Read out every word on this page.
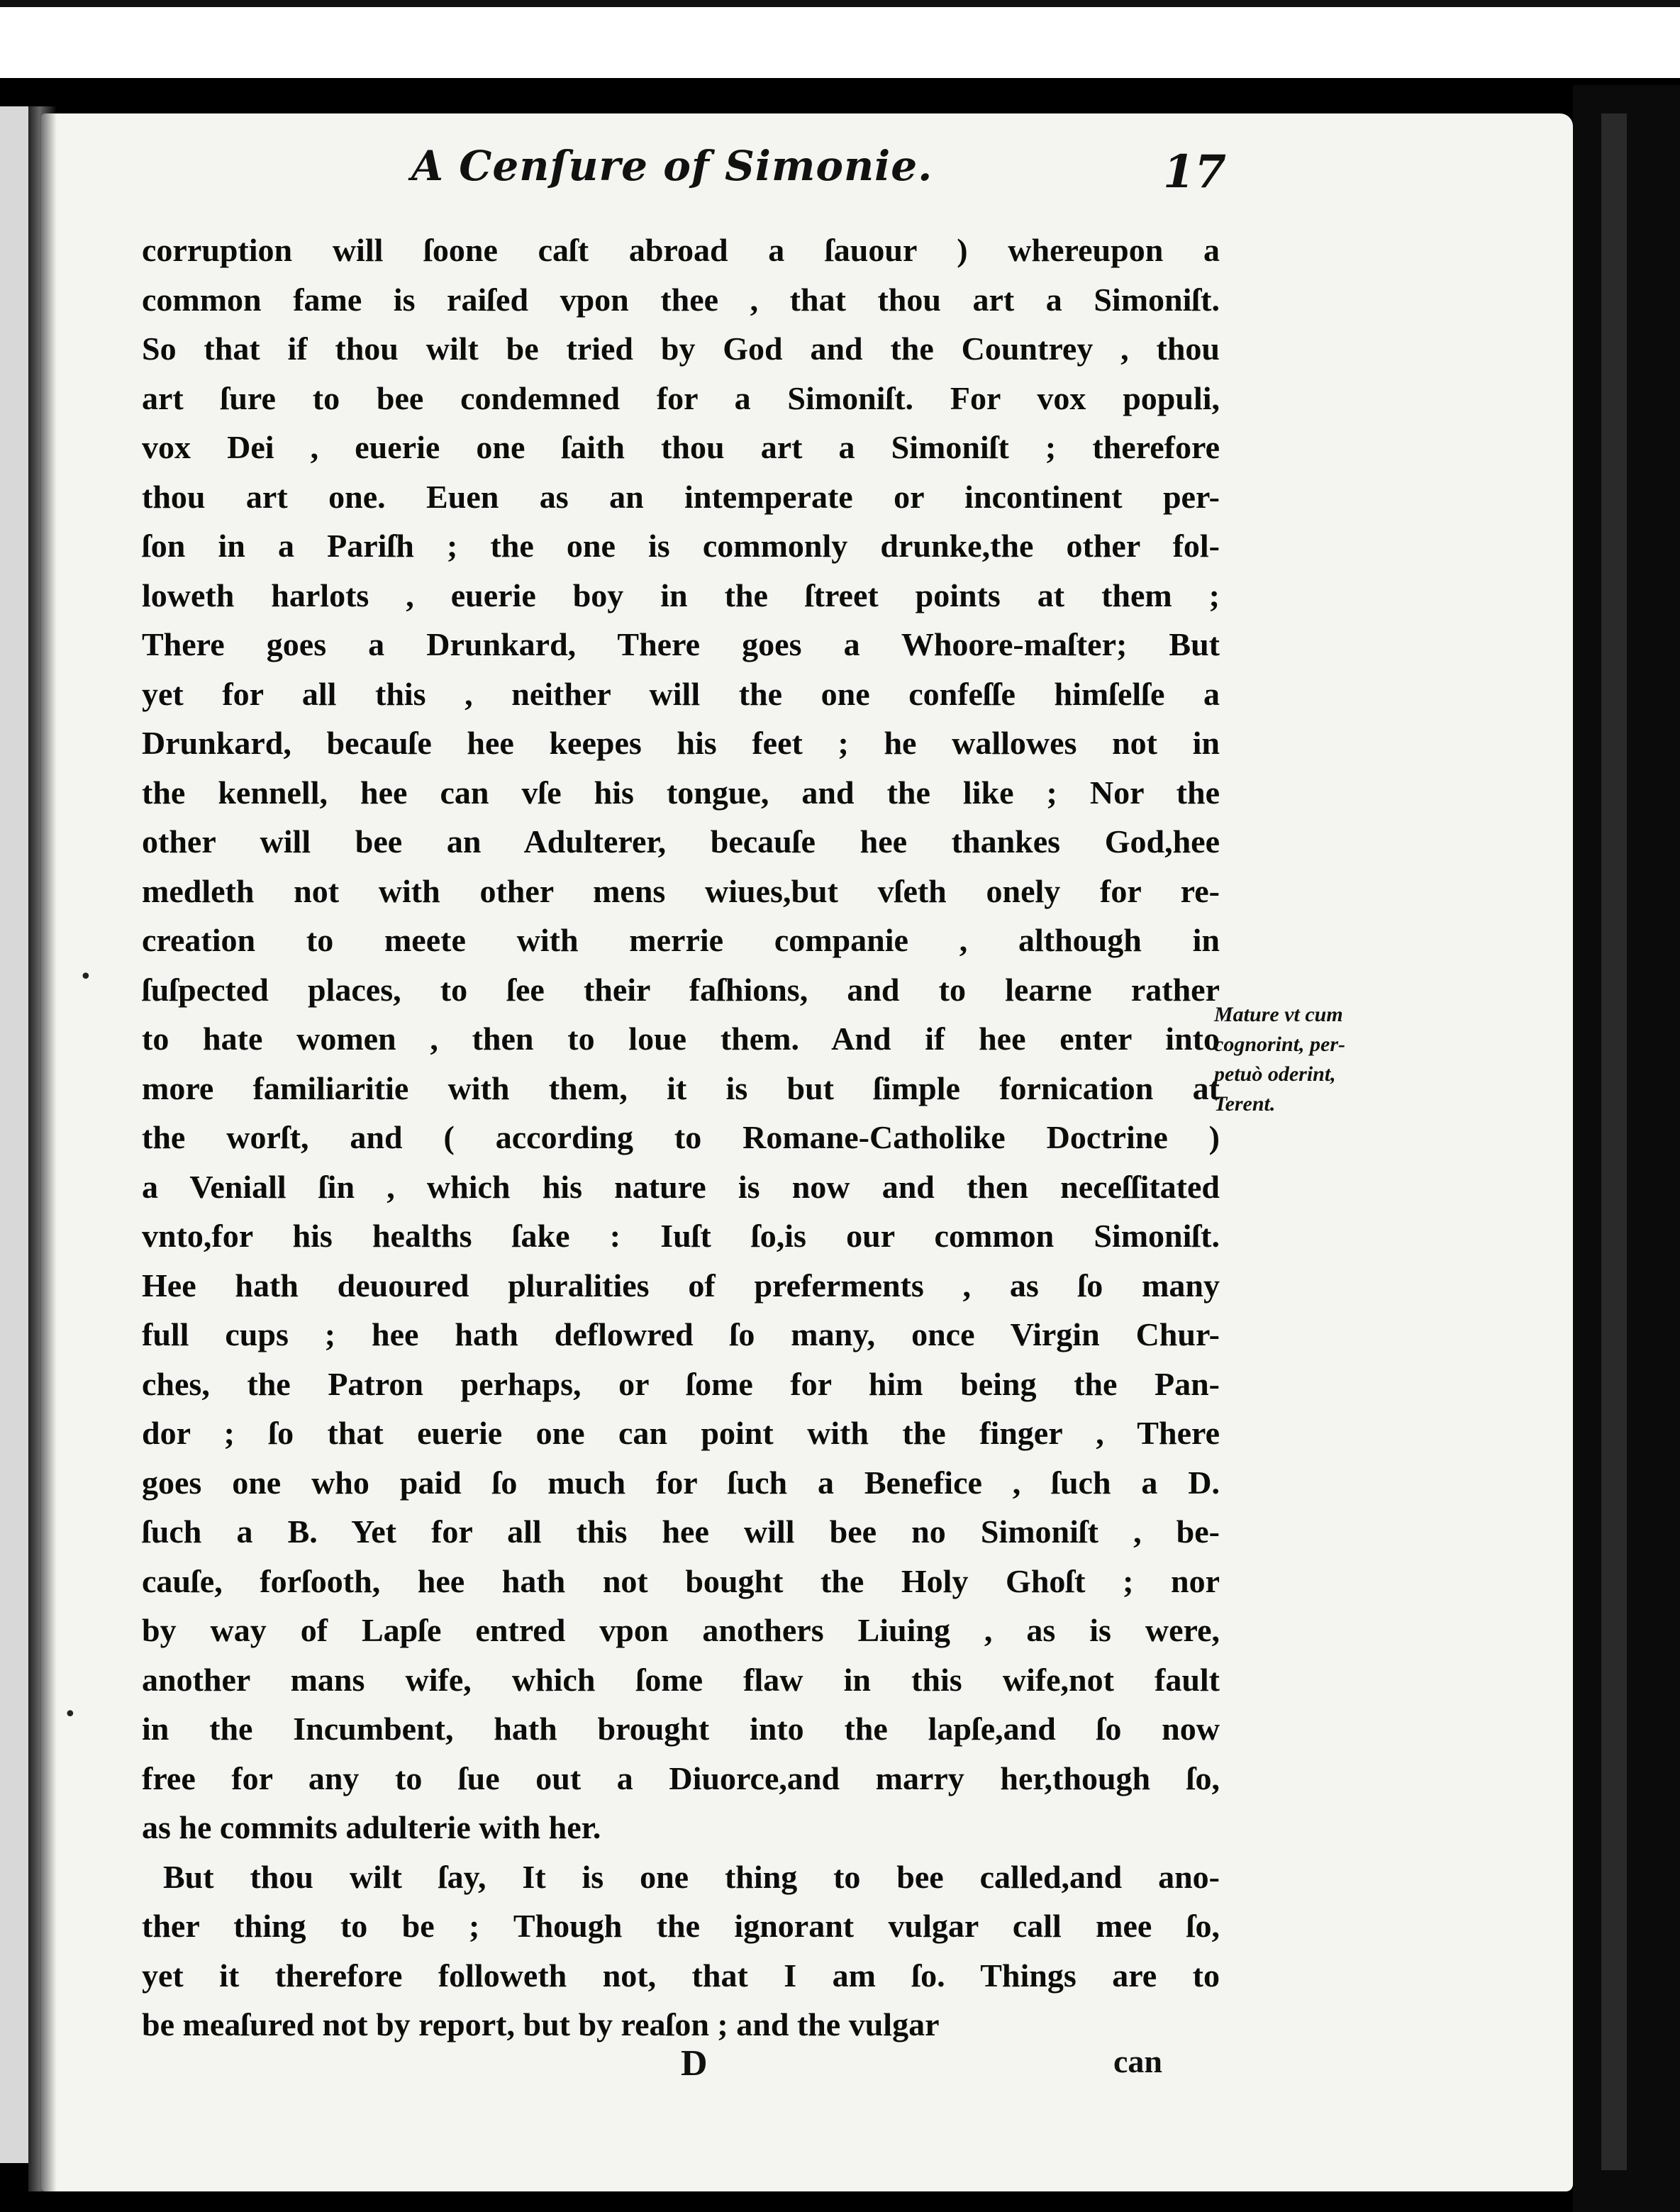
A Cenſure of Simonie.	17
corruption will ſoone caſt abroad a ſauour ) whereupon a
common fame is raiſed vpon thee , that thou art a Simoniſt.
So that if thou wilt be tried by God and the Countrey , thou
art ſure to bee condemned for a Simoniſt. For vox populi,
vox Dei , euerie one ſaith thou art a Simoniſt ; therefore
thou art one. Euen as an intemperate or incontinent per-
ſon in a Pariſh ; the one is commonly drunke,the other fol-
loweth harlots , euerie boy in the ſtreet points at them ;
There goes a Drunkard, There goes a Whoore-maſter; But
yet for all this , neither will the one confeſſe himſelſe a
Drunkard, becauſe hee keepes his feet ; he wallowes not in
the kennell, hee can vſe his tongue, and the like ; Nor the
other will bee an Adulterer, becauſe hee thankes God,hee
medleth not with other mens wiues,but vſeth onely for re-
creation to meete with merrie companie , although in
ſuſpected places, to ſee their faſhions, and to learne rather
to hate women , then to loue them. And if hee enter into
more familiaritie with them, it is but ſimple fornication at
the worſt, and ( according to Romane-Catholike Doctrine )
a Veniall ſin , which his nature is now and then neceſſitated
vnto,for his healths ſake : Iuſt ſo,is our common Simoniſt.
Hee hath deuoured pluralities of preferments , as ſo many
full cups ; hee hath deflowred ſo many, once Virgin Chur-
ches, the Patron perhaps, or ſome for him being the Pan-
dor ; ſo that euerie one can point with the finger , There
goes one who paid ſo much for ſuch a Benefice , ſuch a D.
ſuch a B. Yet for all this hee will bee no Simoniſt , be-
cauſe, forſooth, hee hath not bought the Holy Ghoſt ; nor
by way of Lapſe entred vpon anothers Liuing , as is were,
another mans wife, which ſome flaw in this wife,not fault
in the Incumbent, hath brought into the lapſe,and ſo now
free for any to ſue out a Diuorce,and marry her,though ſo,
as he commits adulterie with her.
But thou wilt ſay, It is one thing to bee called,and ano-
ther thing to be ; Though the ignorant vulgar call mee ſo,
yet it therefore followeth not, that I am ſo. Things are to
be meaſured not by report, but by reaſon ; and the vulgar
Mature vt cum
cognorint, per-
petuò oderint,
Terent.
D	can
•
•
